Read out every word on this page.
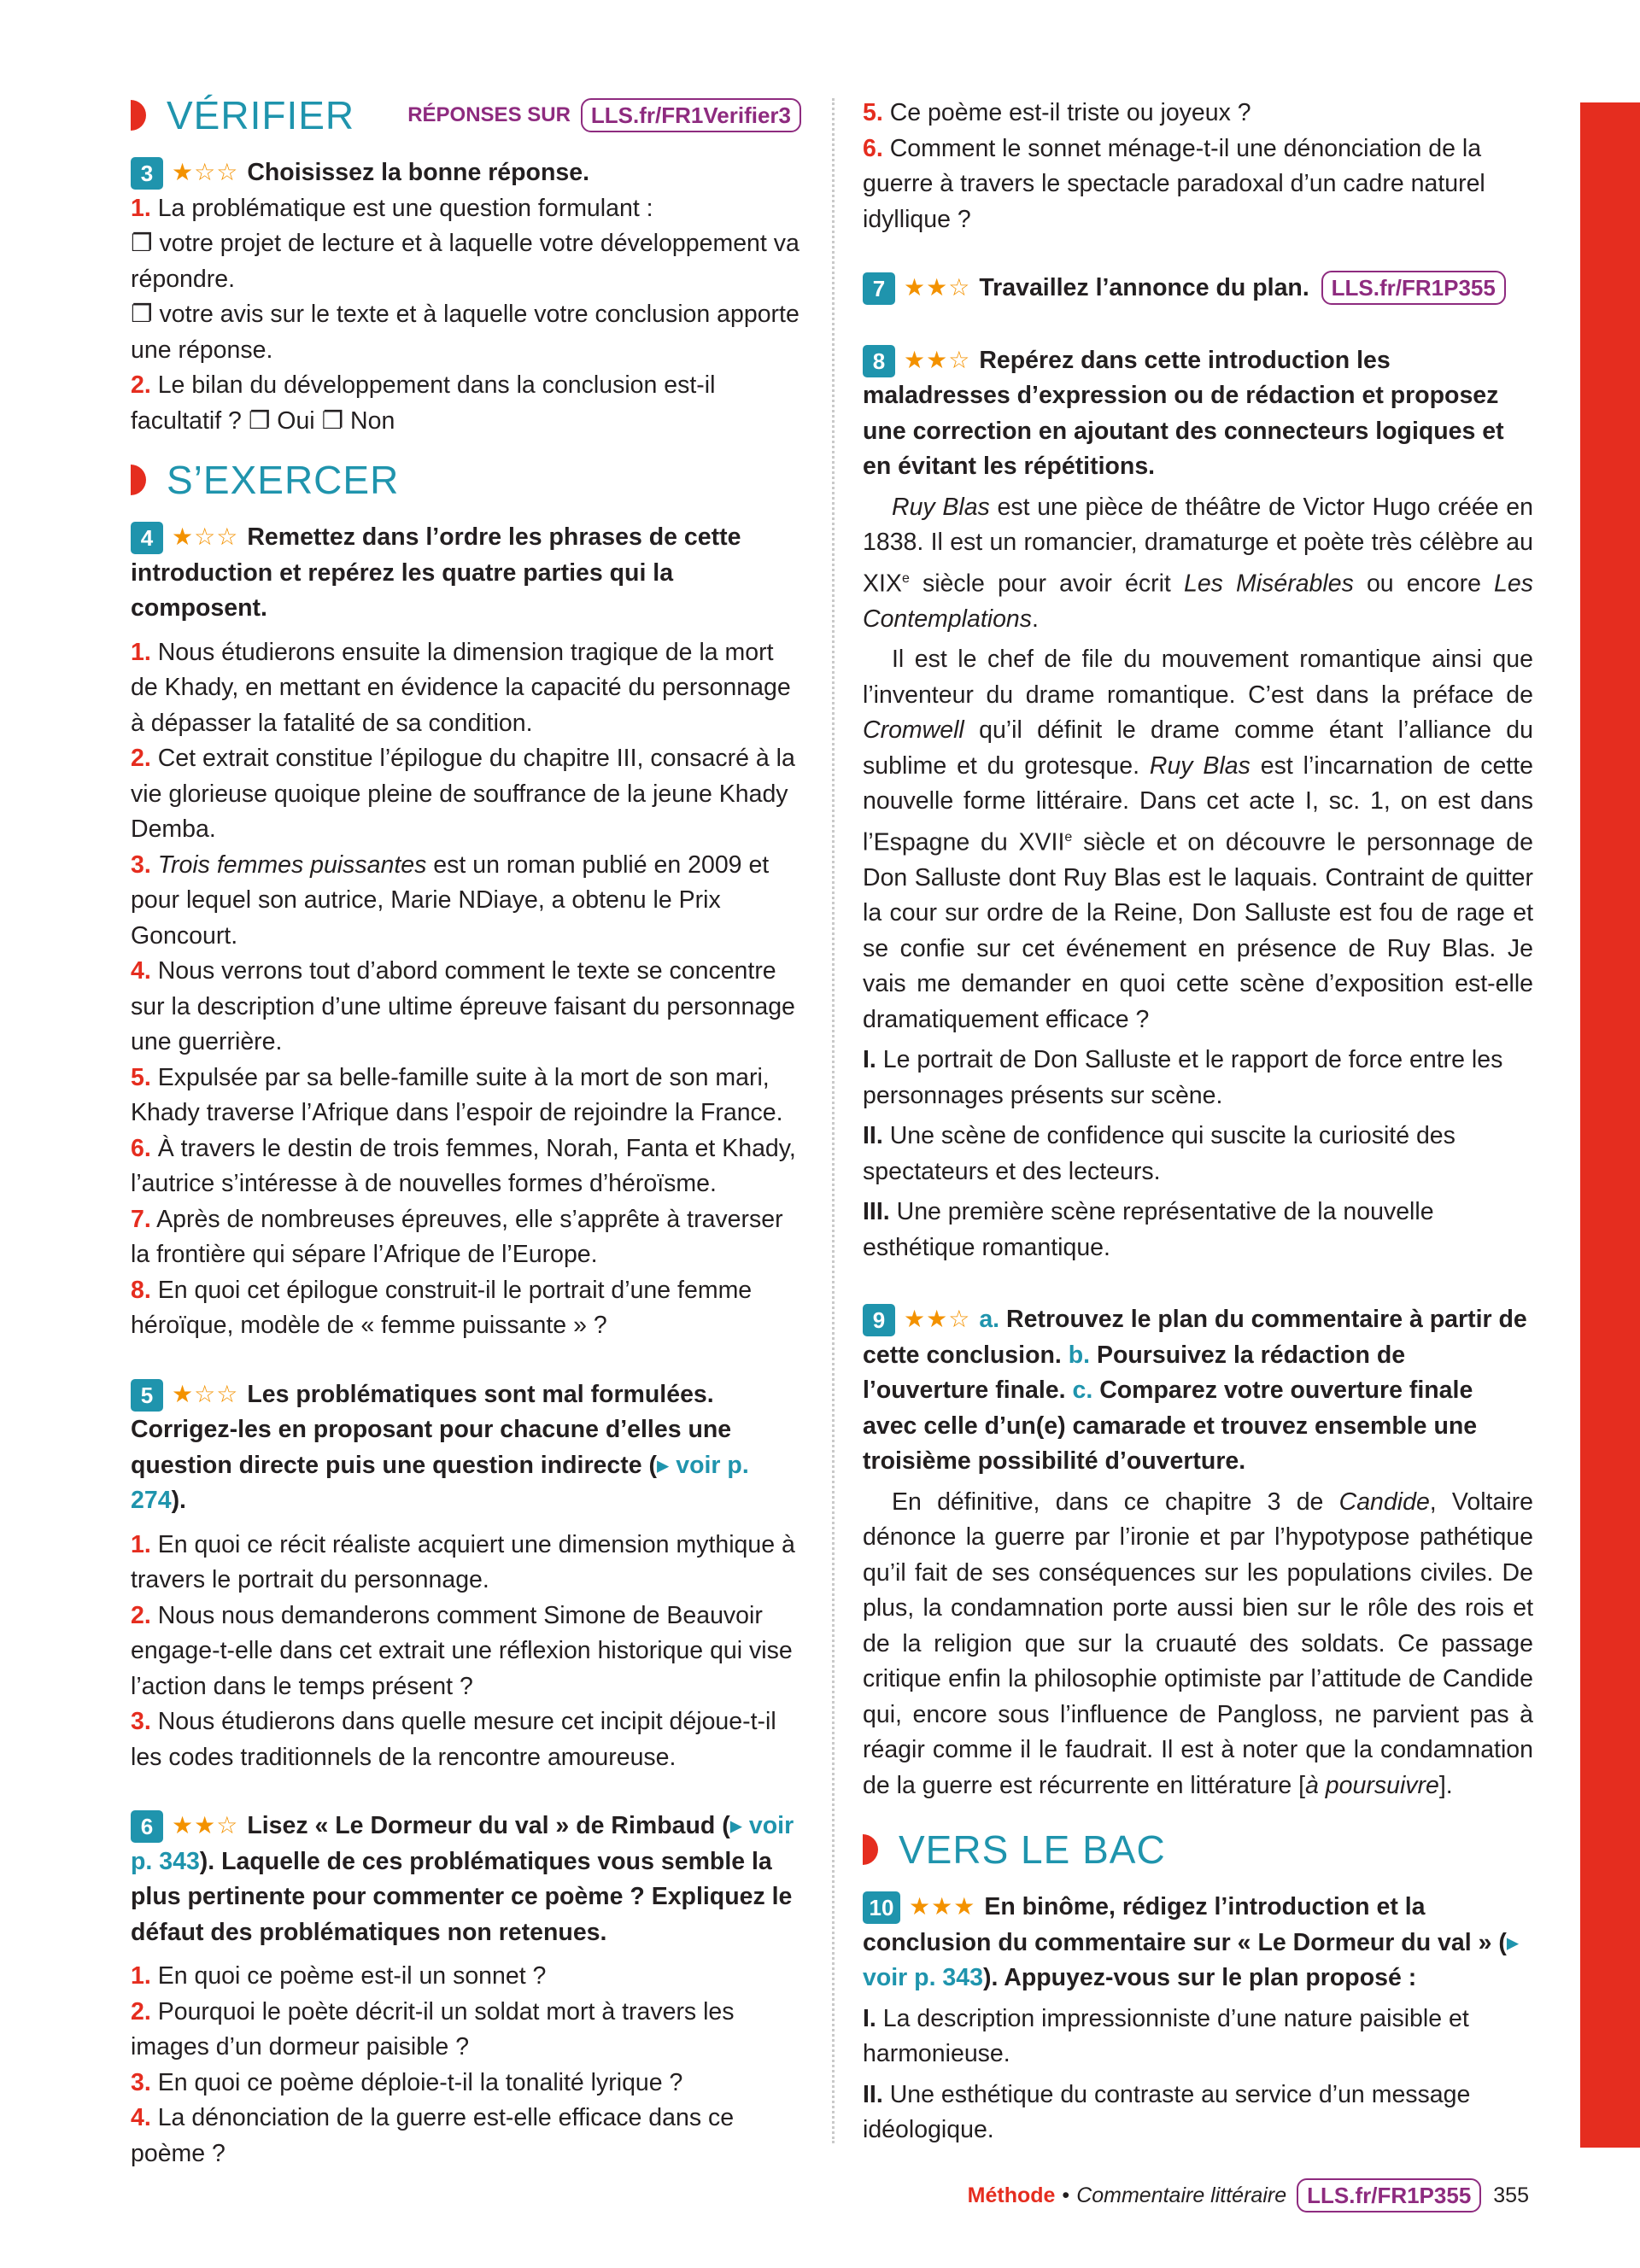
VÉRIFIER	RÉPONSES SUR LLS.fr/FR1Verifier3
3 ★☆☆ Choisissez la bonne réponse.

1. La problématique est une question formulant :

❐ votre projet de lecture et à laquelle votre développement va répondre.

❐ votre avis sur le texte et à laquelle votre conclusion apporte une réponse.

2. Le bilan du développement dans la conclusion est-il facultatif ? ❐ Oui ❐ Non

S’EXERCER
4 ★☆☆ Remettez dans l’ordre les phrases de cette introduction et repérez les quatre parties qui la composent.

1. Nous étudierons ensuite la dimension tragique de la mort de Khady, en mettant en évidence la capacité du personnage à dépasser la fatalité de sa condition.

2. Cet extrait constitue l’épilogue du chapitre III, consacré à la vie glorieuse quoique pleine de souffrance de la jeune Khady Demba.

3. Trois femmes puissantes est un roman publié en 2009 et pour lequel son autrice, Marie NDiaye, a obtenu le Prix Goncourt.

4. Nous verrons tout d’abord comment le texte se concentre sur la description d’une ultime épreuve faisant du personnage une guerrière.

5. Expulsée par sa belle-famille suite à la mort de son mari, Khady traverse l’Afrique dans l’espoir de rejoindre la France.

6. À travers le destin de trois femmes, Norah, Fanta et Khady, l’autrice s’intéresse à de nouvelles formes d’héroïsme.

7. Après de nombreuses épreuves, elle s’apprête à traverser la frontière qui sépare l’Afrique de l’Europe.

8. En quoi cet épilogue construit-il le portrait d’une femme héroïque, modèle de « femme puissante » ?

5 ★☆☆ Les problématiques sont mal formulées. Corrigez-les en proposant pour chacune d’elles une question directe puis une question indirecte (▸ voir p. 274).

1. En quoi ce récit réaliste acquiert une dimension mythique à travers le portrait du personnage.

2. Nous nous demanderons comment Simone de Beauvoir engage-t-elle dans cet extrait une réflexion historique qui vise l’action dans le temps présent ?

3. Nous étudierons dans quelle mesure cet incipit déjoue-t-il les codes traditionnels de la rencontre amoureuse.

6 ★★☆ Lisez « Le Dormeur du val » de Rimbaud (▸ voir p. 343). Laquelle de ces problématiques vous semble la plus pertinente pour commenter ce poème ? Expliquez le défaut des problématiques non retenues.

1. En quoi ce poème est-il un sonnet ?

2. Pourquoi le poète décrit-il un soldat mort à travers les images d’un dormeur paisible ?

3. En quoi ce poème déploie-t-il la tonalité lyrique ?

4. La dénonciation de la guerre est-elle efficace dans ce poème ?

5. Ce poème est-il triste ou joyeux ?

6. Comment le sonnet ménage-t-il une dénonciation de la guerre à travers le spectacle paradoxal d’un cadre naturel idyllique ?

7 ★★☆ Travaillez l’annonce du plan. LLS.fr/FR1P355
8 ★★☆ Repérez dans cette introduction les maladresses d’expression ou de rédaction et proposez une correction en ajoutant des connecteurs logiques et en évitant les répétitions.

Ruy Blas est une pièce de théâtre de Victor Hugo créée en 1838. Il est un romancier, dramaturge et poète très célèbre au XIXe siècle pour avoir écrit Les Misérables ou encore Les Contemplations.

Il est le chef de file du mouvement romantique ainsi que l’inventeur du drame romantique. C’est dans la préface de Cromwell qu’il définit le drame comme étant l’alliance du sublime et du grotesque. Ruy Blas est l’incarnation de cette nouvelle forme littéraire. Dans cet acte I, sc. 1, on est dans l’Espagne du XVIIe siècle et on découvre le personnage de Don Salluste dont Ruy Blas est le laquais. Contraint de quitter la cour sur ordre de la Reine, Don Salluste est fou de rage et se confie sur cet événement en présence de Ruy Blas. Je vais me demander en quoi cette scène d’exposition est-elle dramatiquement efficace ?

I. Le portrait de Don Salluste et le rapport de force entre les personnages présents sur scène.

II. Une scène de confidence qui suscite la curiosité des spectateurs et des lecteurs.

III. Une première scène représentative de la nouvelle esthétique romantique.

9 ★★☆ a. Retrouvez le plan du commentaire à partir de cette conclusion. b. Poursuivez la rédaction de l’ouverture finale. c. Comparez votre ouverture finale avec celle d’un(e) camarade et trouvez ensemble une troisième possibilité d’ouverture.

En définitive, dans ce chapitre 3 de Candide, Voltaire dénonce la guerre par l’ironie et par l’hypotypose pathétique qu’il fait de ses conséquences sur les populations civiles. De plus, la condamnation porte aussi bien sur le rôle des rois et de la religion que sur la cruauté des soldats. Ce passage critique enfin la philosophie optimiste par l’attitude de Candide qui, encore sous l’influence de Pangloss, ne parvient pas à réagir comme il le faudrait. Il est à noter que la condamnation de la guerre est récurrente en littérature [à poursuivre].

VERS LE BAC
10 ★★★ En binôme, rédigez l’introduction et la conclusion du commentaire sur « Le Dormeur du val » (▸ voir p. 343). Appuyez-vous sur le plan proposé :

I. La description impressionniste d’une nature paisible et harmonieuse.

II. Une esthétique du contraste au service d’un message idéologique.

Méthode • Commentaire littéraire LLS.fr/FR1P355	355
